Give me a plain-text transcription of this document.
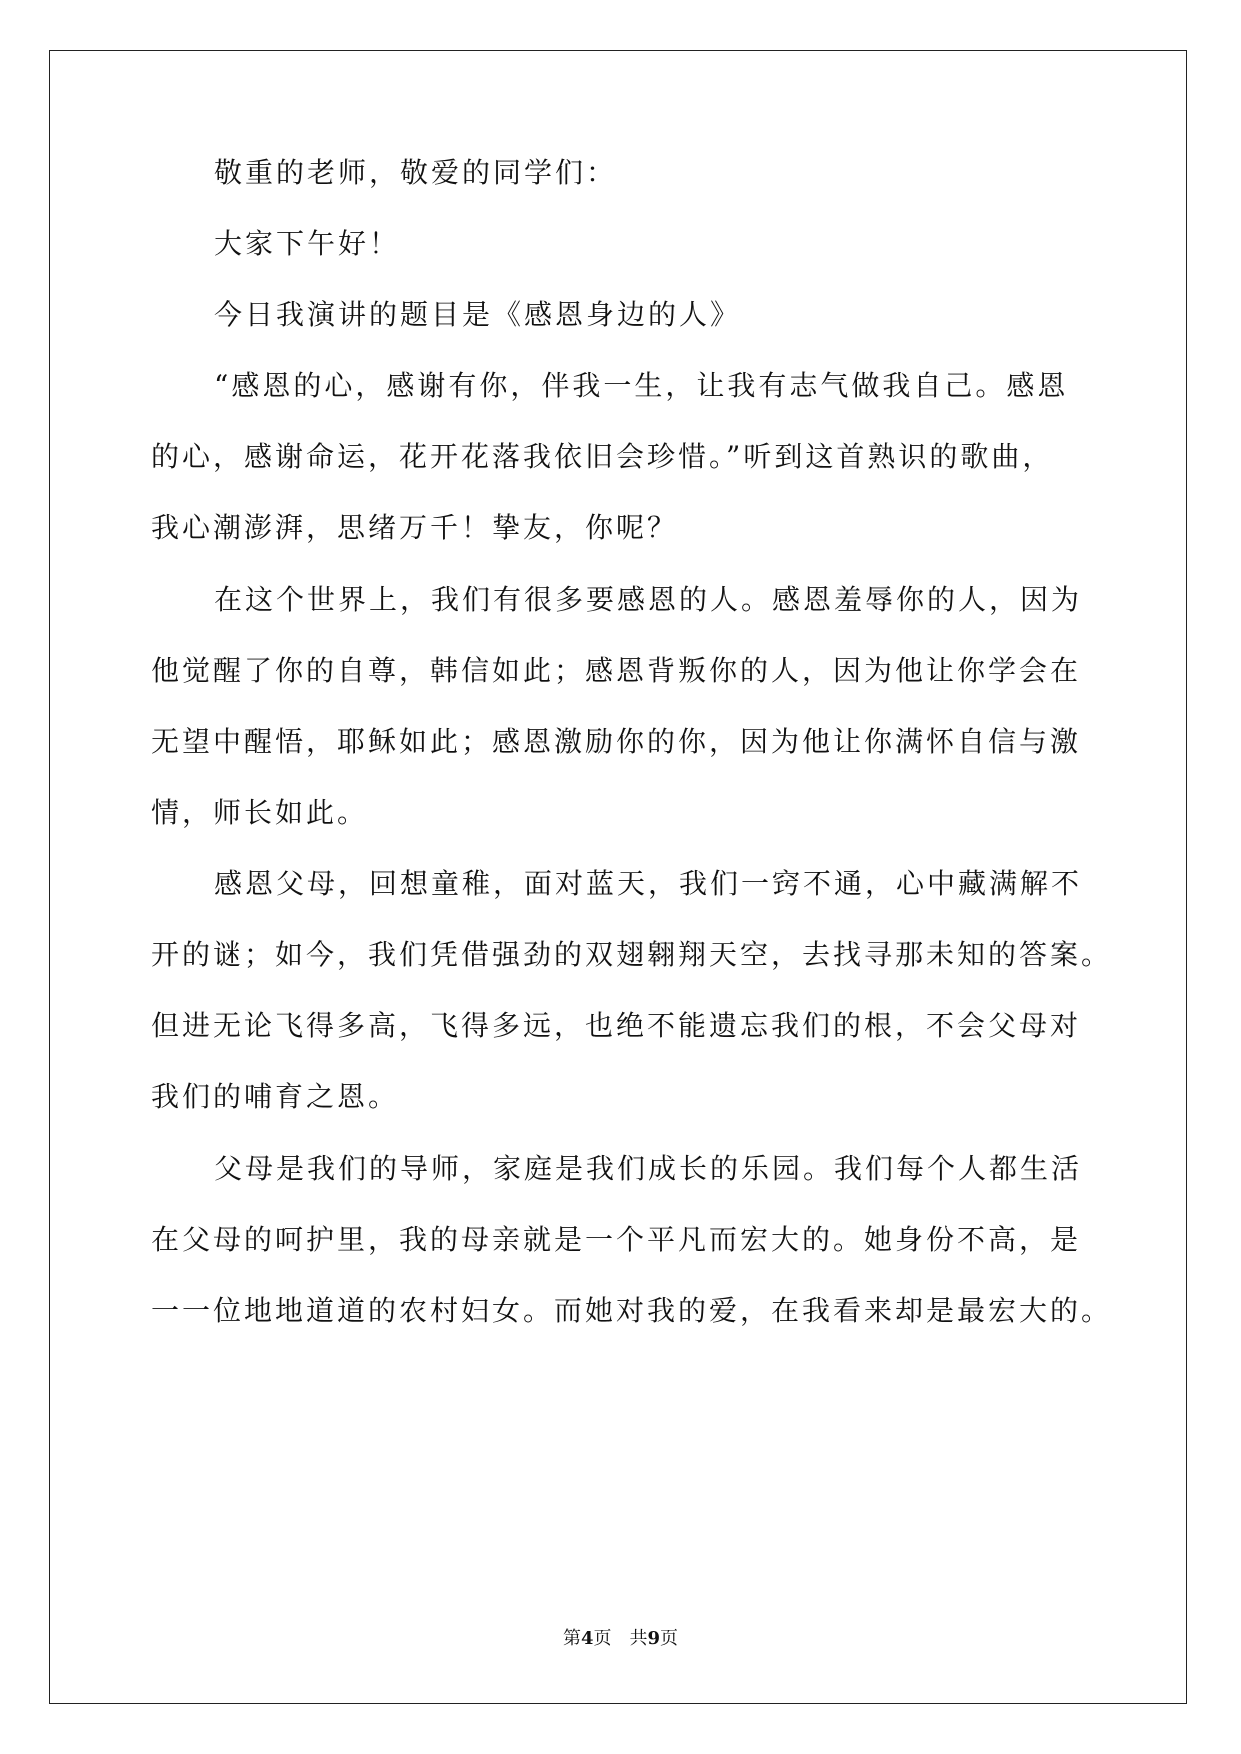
敬重的老师，敬爱的同学们：
大家下午好！
今日我演讲的题目是《感恩身边的人》
“感恩的心，感谢有你，伴我一生，让我有志气做我自己。感恩
的心，感谢命运，花开花落我依旧会珍惜。”听到这首熟识的歌曲，
我心潮澎湃，思绪万千！挚友，你呢？
在这个世界上，我们有很多要感恩的人。感恩羞辱你的人，因为
他觉醒了你的自尊，韩信如此；感恩背叛你的人，因为他让你学会在
无望中醒悟，耶稣如此；感恩激励你的你，因为他让你满怀自信与激
情，师长如此。
感恩父母，回想童稚，面对蓝天，我们一窍不通，心中藏满解不
开的谜；如今，我们凭借强劲的双翅翱翔天空，去找寻那未知的答案。
但进无论飞得多高，飞得多远，也绝不能遗忘我们的根，不会父母对
我们的哺育之恩。
父母是我们的导师，家庭是我们成长的乐园。我们每个人都生活
在父母的呵护里，我的母亲就是一个平凡而宏大的。她身份不高，是
一一位地地道道的农村妇女。而她对我的爱，在我看来却是最宏大的。
第4页 共9页
